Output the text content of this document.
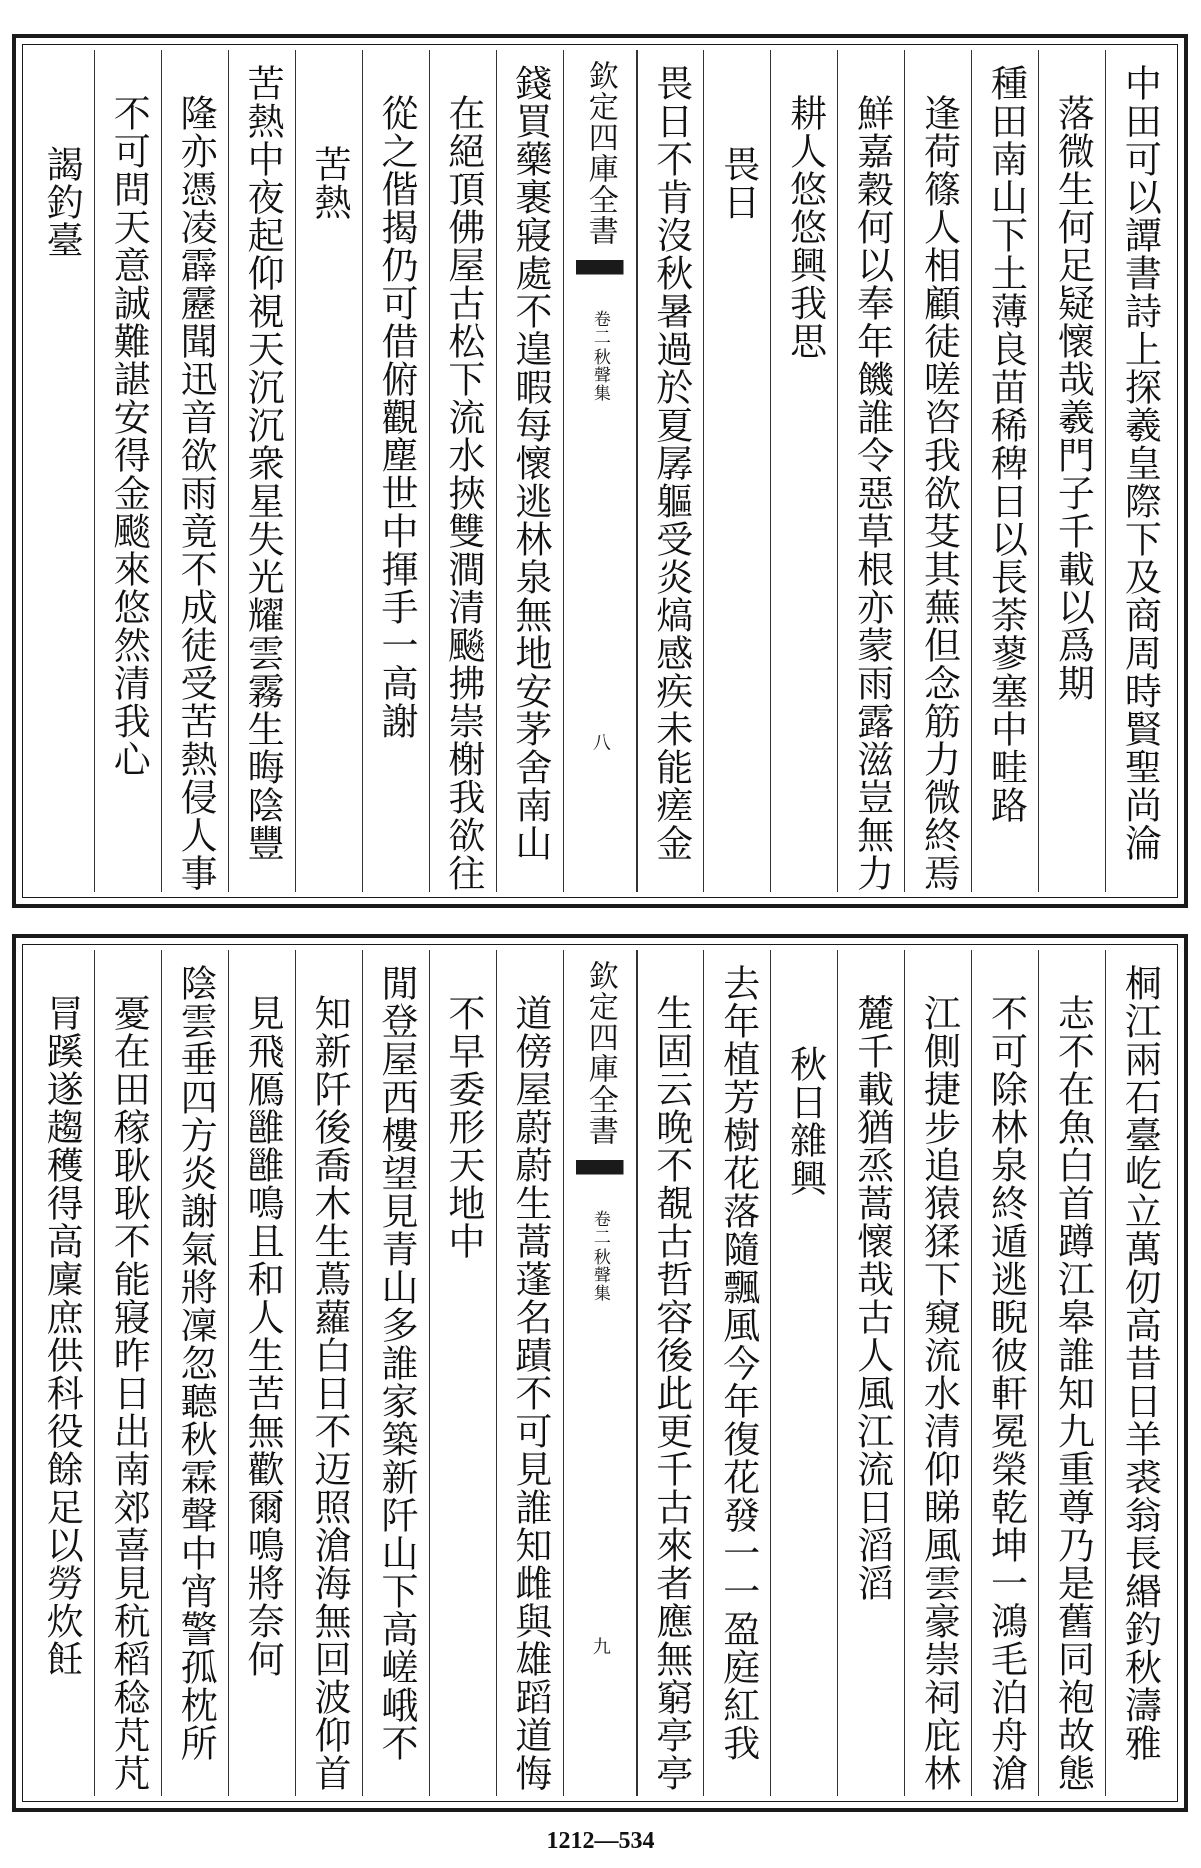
中田可以譚書詩上探羲皇際下及商周時賢聖尚淪
落微生何足疑懷哉羲門子千載以爲期
種田南山下土薄良苗稀稗日以長荼蓼塞中畦路
逢荷篠人相顧徒嗟咨我欲芟其蕪但念筋力微終焉
鮮嘉穀何以奉年饑誰令惡草根亦蒙雨露滋豈無力
耕人悠悠興我思
畏日
畏日不肯沒秋暑過於夏孱軀受炎熇感疾未能瘥金
欽定四庫全書
秋聲集
卷二
八
錢買藥裹寢處不遑暇每懷逃林泉無地安茅舍南山
在絕頂佛屋古松下流水挾雙澗清飈拂崇榭我欲往
從之偕揭仍可借俯觀塵世中揮手一高謝
苦熱
苦熱中夜起仰視天沉沉衆星失光耀雲霧生晦陰豐
隆亦憑凌霹靂聞迅音欲雨竟不成徒受苦熱侵人事
不可問天意誠難諶安得金颷來悠然清我心
謁釣臺
桐江兩石臺屹立萬仞高昔日羊裘翁長緡釣秋濤雅
志不在魚白首蹲江皋誰知九重尊乃是舊同袍故態
不可除林泉終遁逃睨彼軒冕榮乾坤一鴻毛泊舟滄
江側捷步追猿猱下窺流水清仰睇風雲豪崇祠庇林
麓千載猶烝蒿懷哉古人風江流日滔滔
秋日雜興
去年植芳樹花落隨飄風今年復花發一一盈庭紅我
生固云晚不覩古哲容後此更千古來者應無窮亭亭
欽定四庫全書
秋聲集
卷二
九
道傍屋蔚蔚生蒿蓬名蹟不可見誰知雌與雄蹈道悔
不早委形天地中
閒登屋西樓望見青山多誰家築新阡山下高嵯峨不
知新阡後喬木生蔦蘿白日不迈照滄海無回波仰首
見飛鴈雝雝鳴且和人生苦無歡爾鳴將奈何
陰雲垂四方炎謝氣將凜忽聽秋霖聲中宵警孤枕所
憂在田稼耿耿不能寢昨日出南郊喜見秔稻稔芃芃
冐蹊遂趨穫得高廩庶供科役餘足以勞炊飪
1212—534
